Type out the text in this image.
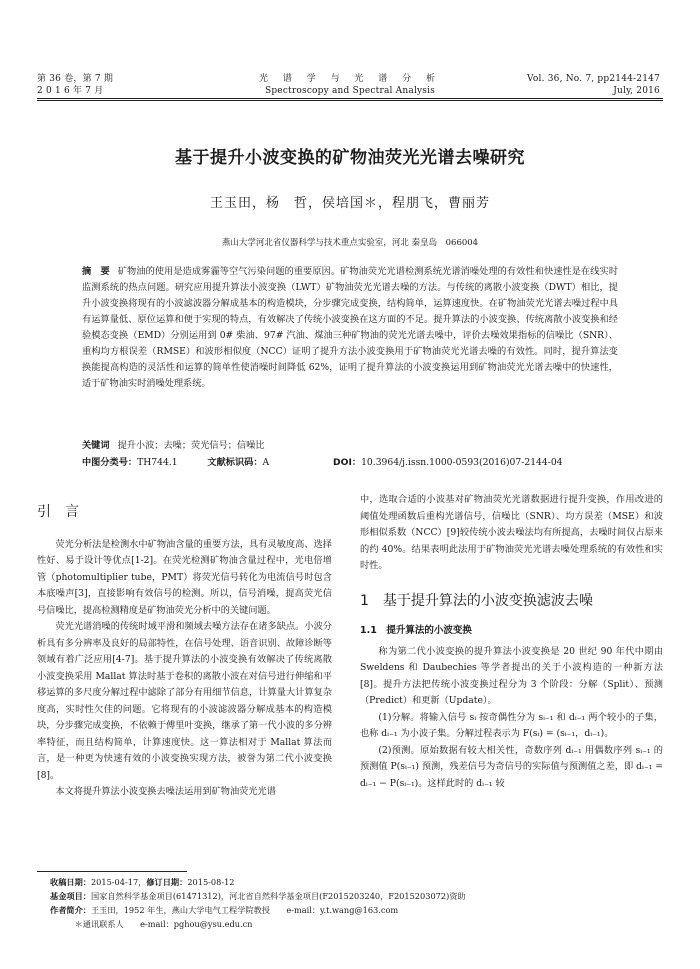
第 36 卷，第 7 期
2 0 1 6 年 7 月
光 谱 学 与 光 谱 分 析
Spectroscopy and Spectral Analysis
Vol. 36, No. 7, pp2144-2147
July, 2016
基于提升小波变换的矿物油荧光光谱去噪研究
王玉田，杨　哲，侯培国＊，程朋飞，曹丽芳
燕山大学河北省仪器科学与技术重点实验室，河北 秦皇岛　066004
摘　要 矿物油的使用是造成雾霾等空气污染问题的重要原因。矿物油荧光光谱检测系统光谱消噪处理的有效性和快速性是在线实时监测系统的热点问题。研究应用提升算法小波变换（LWT）矿物油荧光光谱去噪的方法。与传统的离散小波变换（DWT）相比，提升小波变换将现有的小波滤波器分解成基本的构造模块，分步骤完成变换，结构简单，运算速度快。在矿物油荧光光谱去噪过程中具有运算量低、原位运算和便于实现的特点，有效解决了传统小波变换在这方面的不足。提升算法的小波变换、传统离散小波变换和经验模态变换（EMD）分别运用到 0# 柴油、97# 汽油、煤油三种矿物油的荧光光谱去噪中，评价去噪效果指标的信噪比（SNR）、重构均方根误差（RMSE）和波形相似度（NCC）证明了提升方法小波变换用于矿物油荧光光谱去噪的有效性。同时，提升算法变换能提高构造的灵活性和运算的简单性使消噪时间降低 62%，证明了提升算法的小波变换运用到矿物油荧光光谱去噪中的快速性，适于矿物油实时消噪处理系统。
关键词 提升小波；去噪；荧光信号；信噪比
中图分类号：TH744.1	文献标识码：A	DOI：10.3964/j.issn.1000-0593(2016)07-2144-04
引　言

荧光分析法是检测水中矿物油含量的重要方法，具有灵敏度高、选择性好、易于设计等优点[1-2]。在荧光检测矿物油含量过程中，光电倍增管（photomultiplier tube，PMT）将荧光信号转化为电流信号时包含本底噪声[3]，直接影响有效信号的检测。所以，信号消噪，提高荧光信号信噪比，提高检测精度是矿物油荧光分析中的关键问题。

荧光光谱消噪的传统时域平滑和频域去噪方法存在诸多缺点。小波分析具有多分辨率及良好的局部特性，在信号处理、语音识别、故障诊断等领域有着广泛应用[4-7]。基于提升算法的小波变换有效解决了传统离散小波变换采用 Mallat 算法时基于卷积的离散小波在对信号进行伸缩和平移运算的多尺度分解过程中滤除了部分有用细节信息，计算量大计算复杂度高，实时性欠佳的问题。它将现有的小波滤波器分解成基本的构造模块，分步骤完成变换，不依赖于傅里叶变换，继承了第一代小波的多分辨率特征，而且结构简单，计算速度快。这一算法相对于 Mallat 算法而言，是一种更为快速有效的小波变换实现方法，被誉为第二代小波变换[8]。

本文将提升算法小波变换去噪法运用到矿物油荧光光谱

中，选取合适的小波基对矿物油荧光光谱数据进行提升变换，作用改进的阈值处理函数后重构光谱信号，信噪比（SNR）、均方误差（MSE）和波形相似系数（NCC）[9]较传统小波去噪法均有所提高，去噪时间仅占原来的约 40%。结果表明此法用于矿物油荧光光谱去噪处理系统的有效性和实时性。

1　基于提升算法的小波变换滤波去噪
1.1　提升算法的小波变换

称为第二代小波变换的提升算法小波变换是 20 世纪 90 年代中期由 Sweldens 和 Daubechies 等学者提出的关于小波构造的一种新方法[8]。提升方法把传统小波变换过程分为 3 个阶段：分解（Split）、预测（Predict）和更新（Update）。

(1)分解。将输入信号 sᵢ 按奇偶性分为 sᵢ₋₁ 和 dᵢ₋₁ 两个较小的子集，也称 dᵢ₋₁ 为小波子集。分解过程表示为 F(sᵢ) = (sᵢ₋₁，dᵢ₋₁)。

(2)预测。原始数据有较大相关性，奇数序列 dᵢ₋₁ 用偶数序列 sᵢ₋₁ 的预测值 P(sᵢ₋₁) 预测，残差信号为奇信号的实际值与预测值之差，即 dᵢ₋₁ = dᵢ₋₁ − P(sᵢ₋₁)。这样此时的 dᵢ₋₁ 较

收稿日期：2015-04-17，修订日期：2015-08-12
基金项目：国家自然科学基金项目(61471312)，河北省自然科学基金项目(F2015203240，F2015203072)资助
作者简介：王玉田，1952 年生，燕山大学电气工程学院教授　　e-mail：y.t.wang@163.com
＊通讯联系人　　e-mail：pghou@ysu.edu.cn
